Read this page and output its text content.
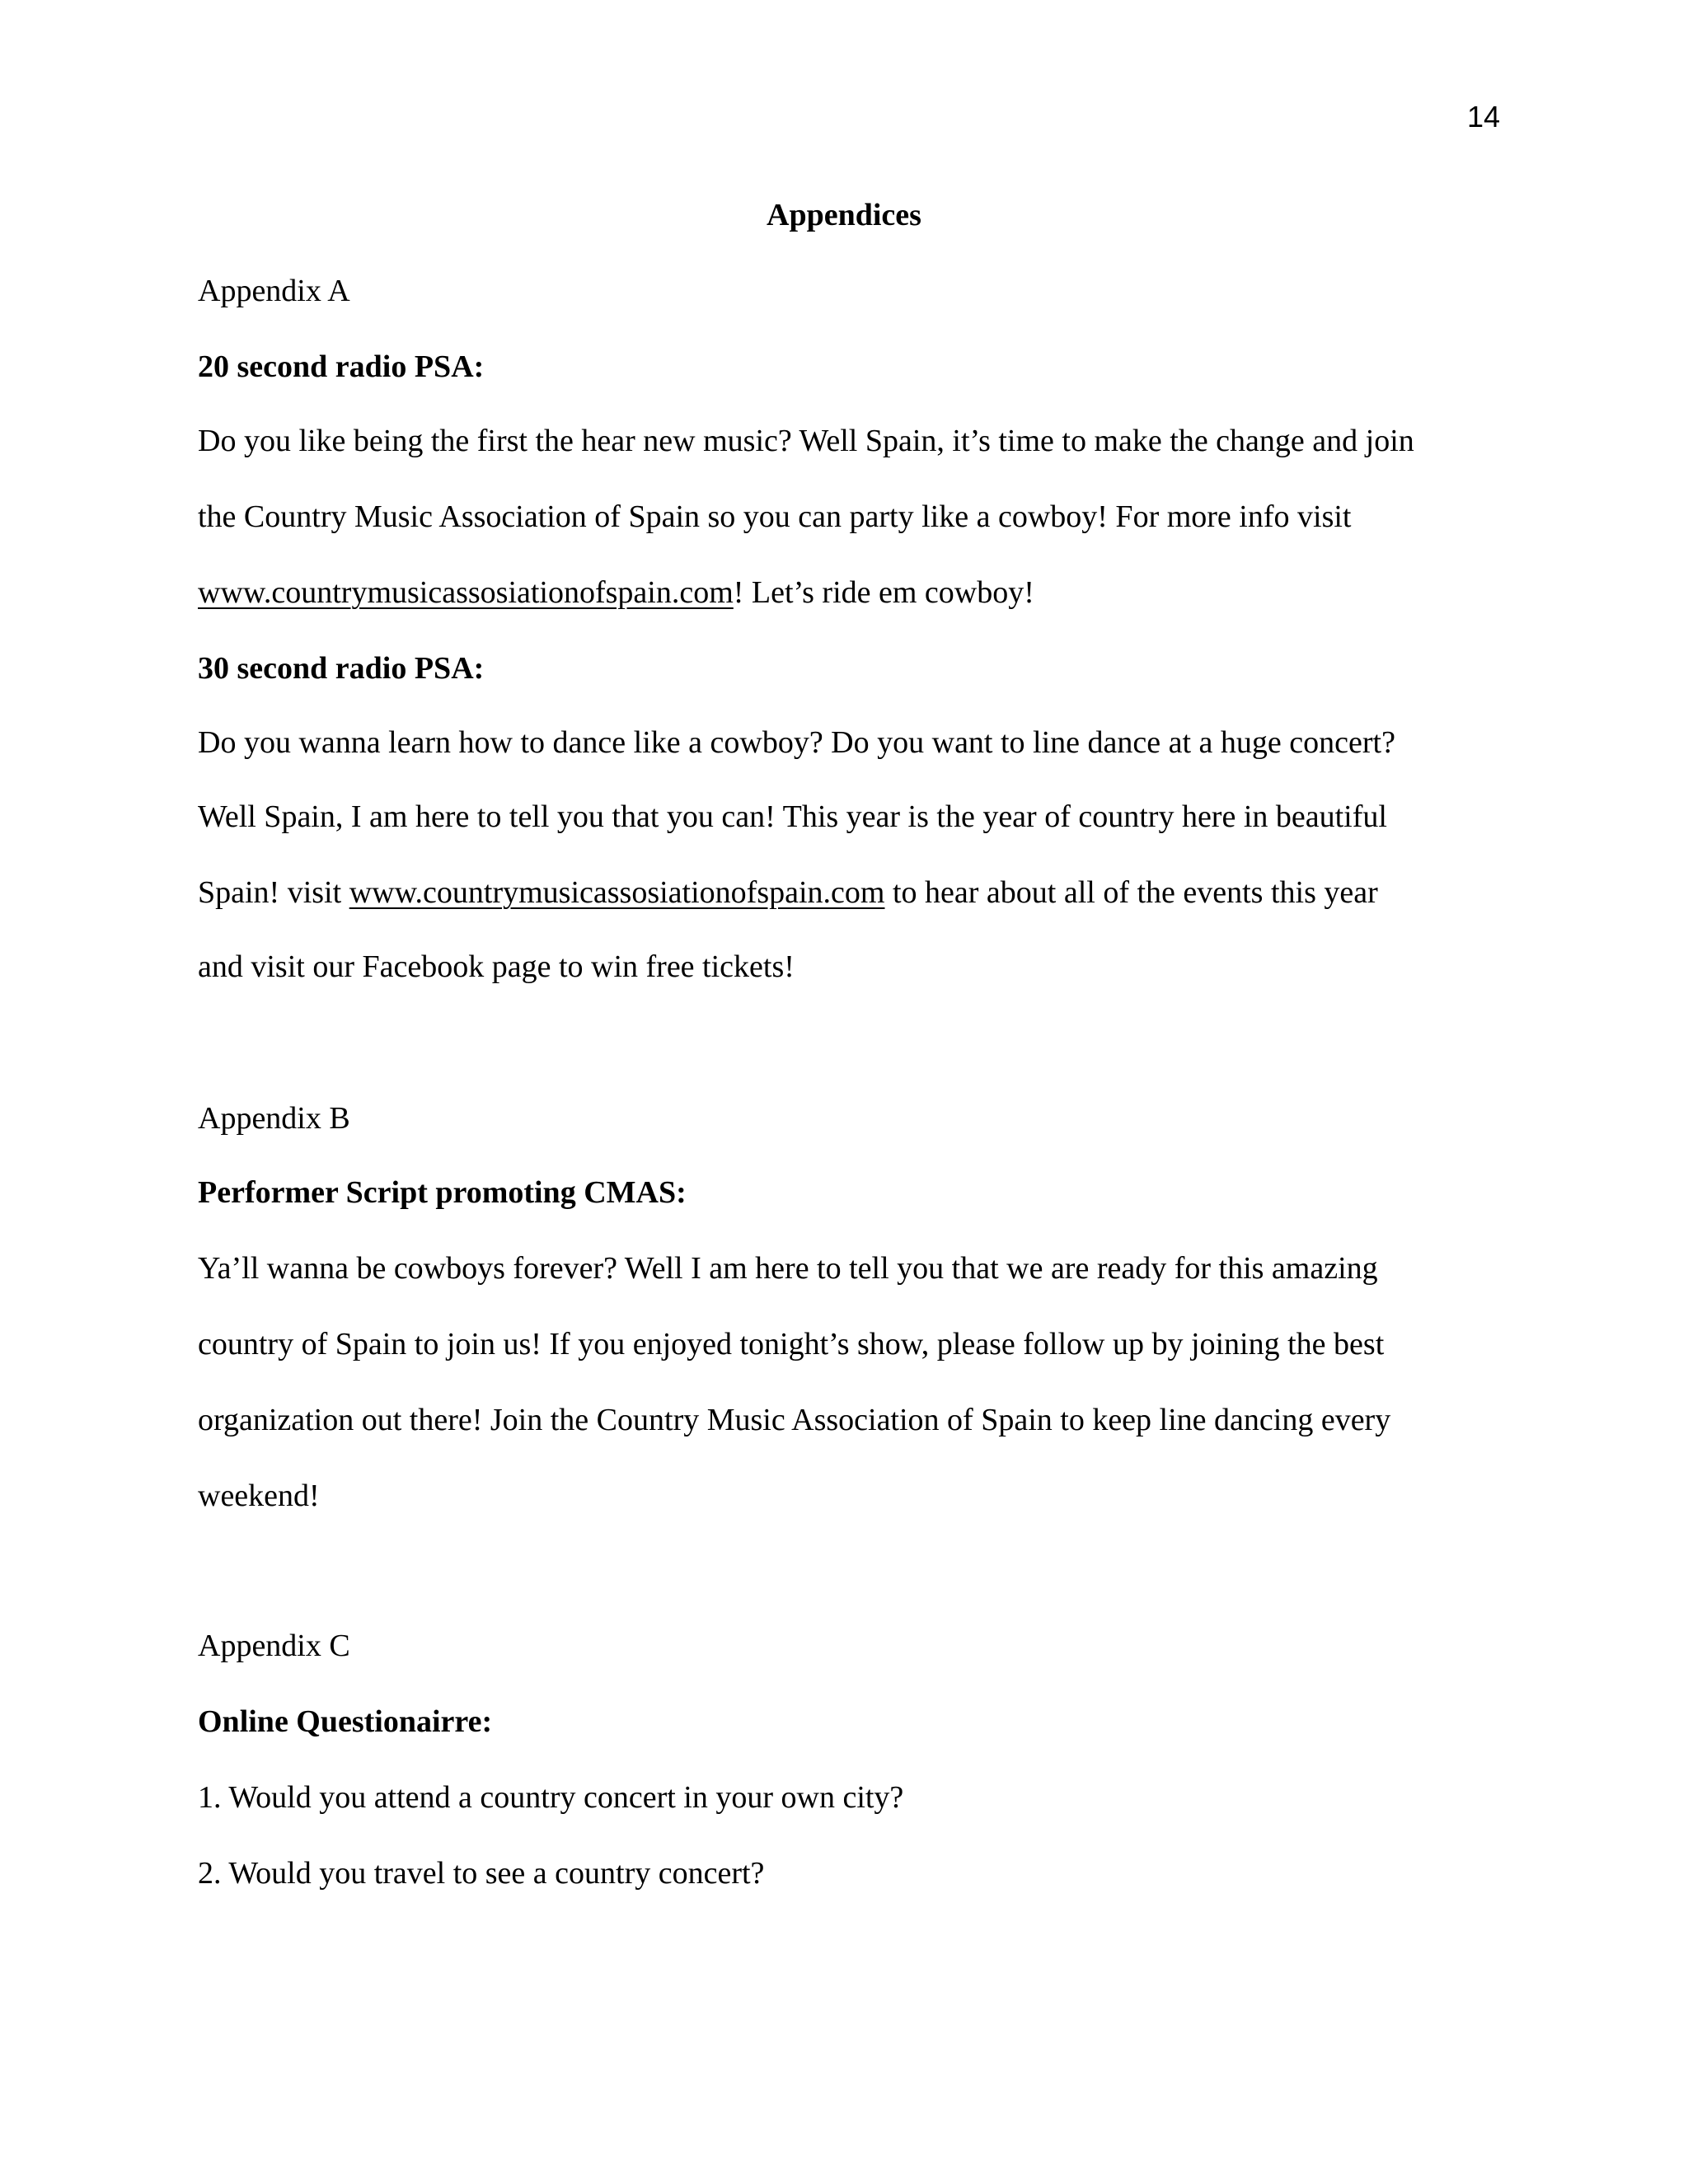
14
Appendices
Appendix A
20 second radio PSA:
Do you like being the first the hear new music? Well Spain, it’s time to make the change and join
the Country Music Association of Spain so you can party like a cowboy! For more info visit
www.countrymusicassosiationofspain.com! Let’s ride em cowboy!
30 second radio PSA:
Do you wanna learn how to dance like a cowboy? Do you want to line dance at a huge concert?
Well Spain, I am here to tell you that you can! This year is the year of country here in beautiful
Spain! visit www.countrymusicassosiationofspain.com to hear about all of the events this year
and visit our Facebook page to win free tickets!
Appendix B
Performer Script promoting CMAS:
Ya’ll wanna be cowboys forever? Well I am here to tell you that we are ready for this amazing
country of Spain to join us! If you enjoyed tonight’s show, please follow up by joining the best
organization out there! Join the Country Music Association of Spain to keep line dancing every
weekend!
Appendix C
Online Questionairre:
1. Would you attend a country concert in your own city?
2. Would you travel to see a country concert?
